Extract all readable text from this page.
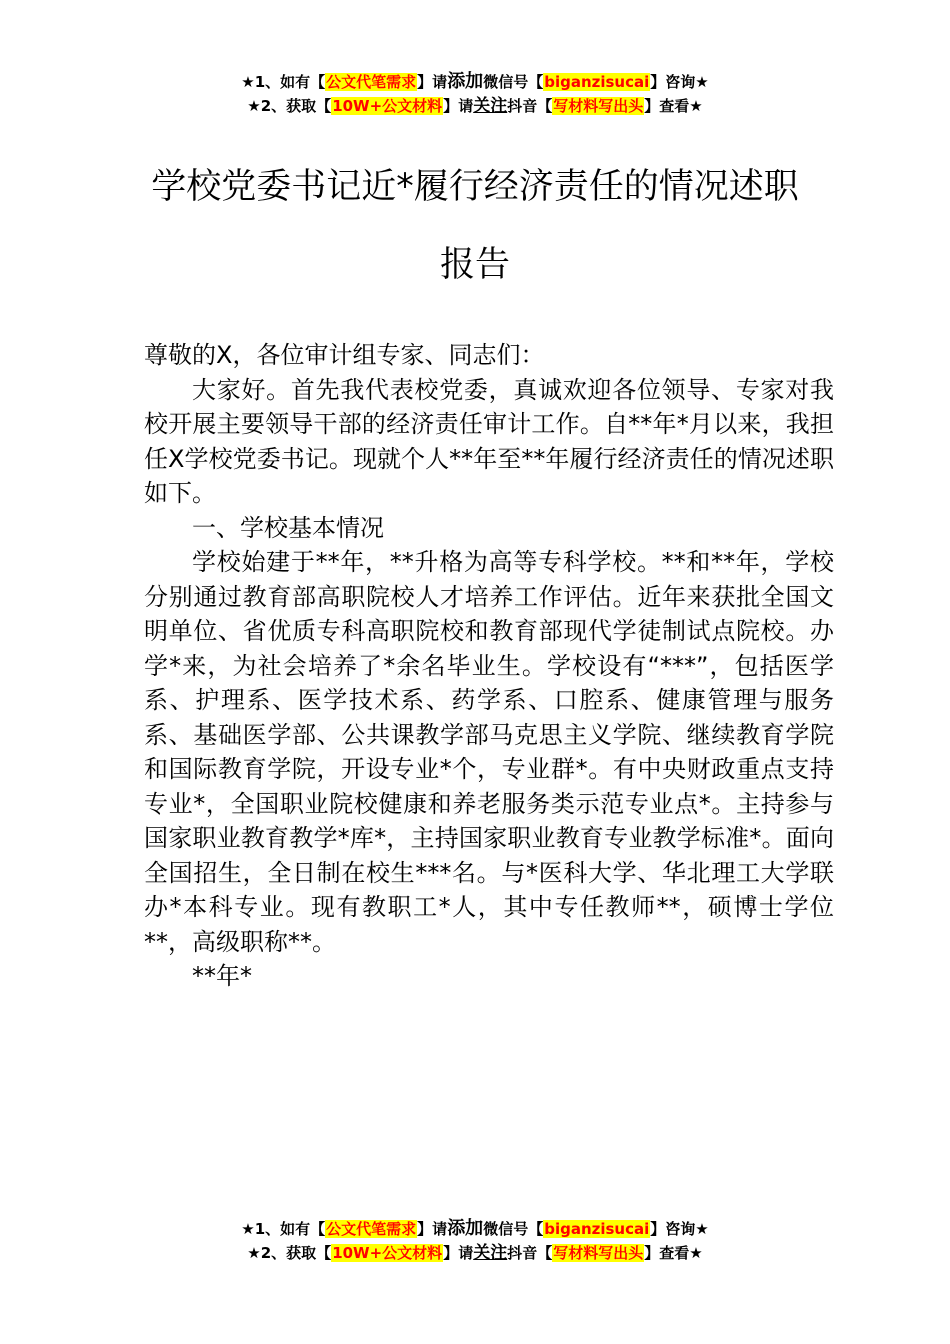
★1、如有【公文代笔需求】请添加微信号【biganzisucai】咨询★
★2、获取【10W+公文材料】请关注抖音【写材料写出头】查看★
学校党委书记近*履行经济责任的情况述职
报告

尊敬的X，各位审计组专家、同志们：

大家好。首先我代表校党委，真诚欢迎各位领导、专家对我校开展主要领导干部的经济责任审计工作。自**年*月以来，我担任X学校党委书记。现就个人**年至**年履行经济责任的情况述职如下。

一、学校基本情况

学校始建于**年，**升格为高等专科学校。**和**年，学校分别通过教育部高职院校人才培养工作评估。近年来获批全国文明单位、省优质专科高职院校和教育部现代学徒制试点院校。办学*来，为社会培养了*余名毕业生。学校设有“***”，包括医学系、护理系、医学技术系、药学系、口腔系、健康管理与服务系、基础医学部、公共课教学部马克思主义学院、继续教育学院和国际教育学院，开设专业*个，专业群*。有中央财政重点支持专业*，全国职业院校健康和养老服务类示范专业点*。主持参与国家职业教育教学*库*，主持国家职业教育专业教学标准*。面向全国招生，全日制在校生***名。与*医科大学、华北理工大学联办*本科专业。现有教职工*人，其中专任教师**，硕博士学位**，高级职称**。

**年*

★1、如有【公文代笔需求】请添加微信号【biganzisucai】咨询★
★2、获取【10W+公文材料】请关注抖音【写材料写出头】查看★
